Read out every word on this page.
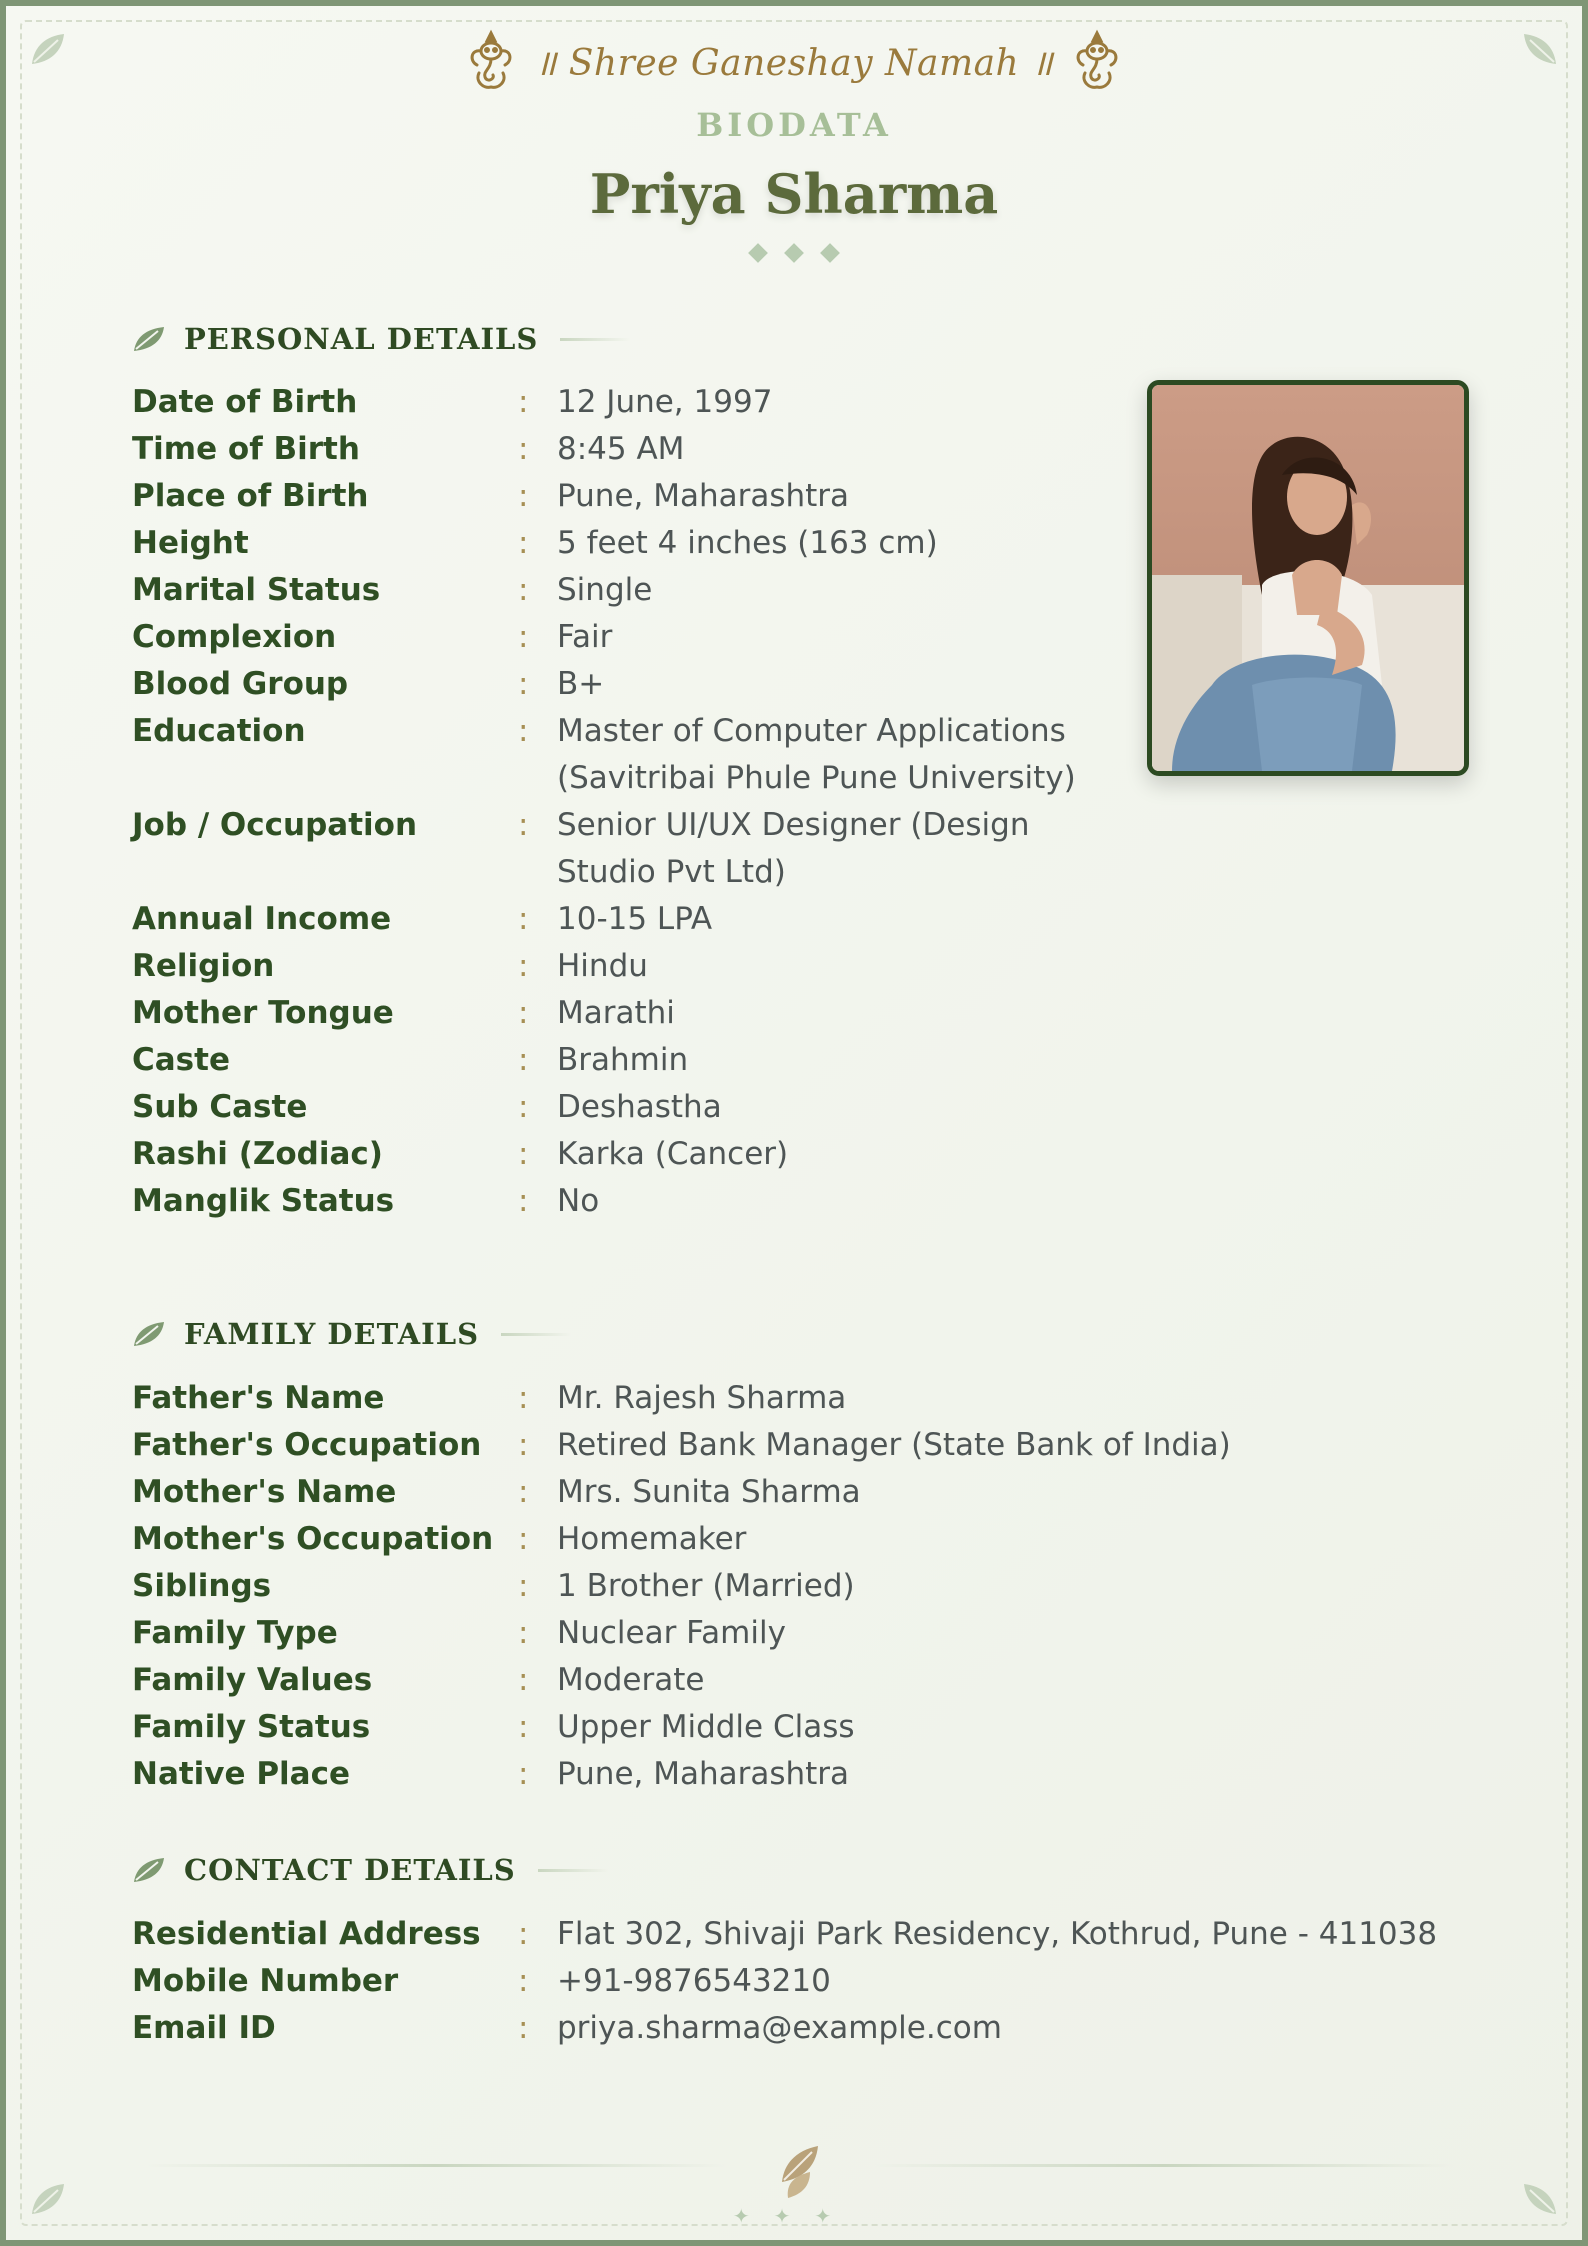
॥ Shree Ganeshay Namah ॥
BIODATA
Priya Sharma
PERSONAL DETAILS
Date of Birth	: 12 June, 1997
Time of Birth	: 8:45 AM
Place of Birth	: Pune, Maharashtra
Height	: 5 feet 4 inches (163 cm)
Marital Status	: Single
Complexion	: Fair
Blood Group	: B+
Education	: Master of Computer Applications
(Savitribai Phule Pune University)
Job / Occupation	: Senior UI/UX Designer (Design
Studio Pvt Ltd)
Annual Income	: 10-15 LPA
Religion	: Hindu
Mother Tongue	: Marathi
Caste	: Brahmin
Sub Caste	: Deshastha
Rashi (Zodiac)	: Karka (Cancer)
Manglik Status	: No
FAMILY DETAILS
Father's Name	: Mr. Rajesh Sharma
Father's Occupation	: Retired Bank Manager (State Bank of India)
Mother's Name	: Mrs. Sunita Sharma
Mother's Occupation : Homemaker
Siblings	: 1 Brother (Married)
Family Type	: Nuclear Family
Family Values	: Moderate
Family Status	: Upper Middle Class
Native Place	: Pune, Maharashtra
CONTACT DETAILS
Residential Address	: Flat 302, Shivaji Park Residency, Kothrud, Pune - 411038
Mobile Number	: +91-9876543210
Email ID	: priya.sharma@example.com
✦✦✦
